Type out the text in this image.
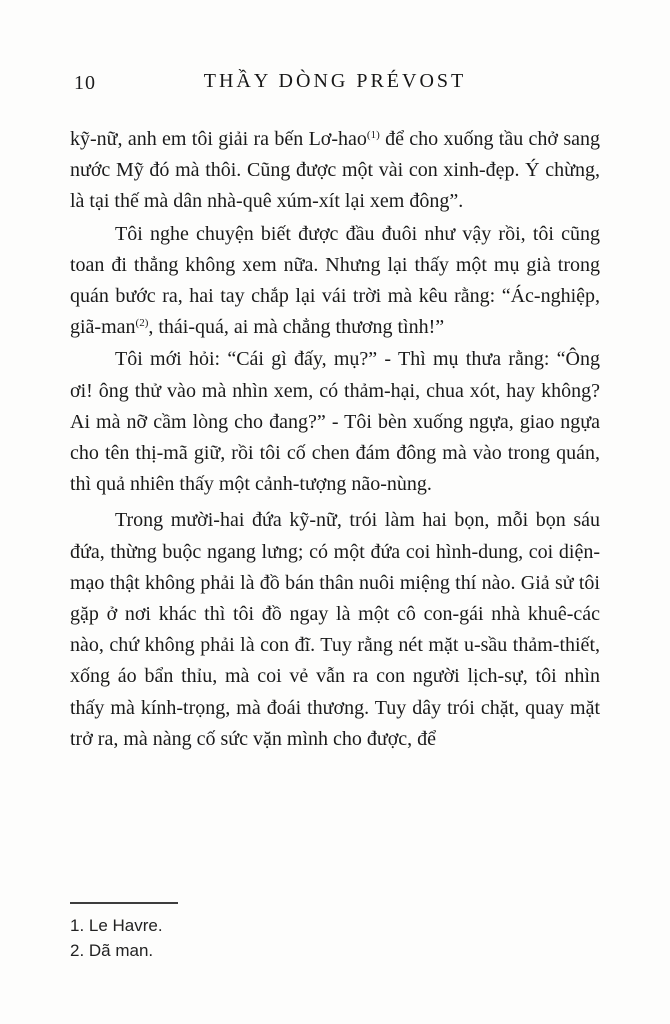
10	THẦY DÒNG PRÉVOST

kỹ-nữ, anh em tôi giải ra bến Lơ-hao$^{(1)}$ để cho xuống tầu chở sang nước Mỹ đó mà thôi. Cũng được một vài con xinh-đẹp. Ý chừng, là tại thế mà dân nhà-quê xúm-xít lại xem đông”.

Tôi nghe chuyện biết được đầu đuôi như vậy rồi, tôi cũng toan đi thẳng không xem nữa. Nhưng lại thấy một mụ già trong quán bước ra, hai tay chắp lại vái trời mà kêu rằng: “Ác-nghiệp, giã-man$^{(2)}$, thái-quá, ai mà chẳng thương tình!”

Tôi mới hỏi: “Cái gì đấy, mụ?” - Thì mụ thưa rằng: “Ông ơi! ông thử vào mà nhìn xem, có thảm-hại, chua xót, hay không? Ai mà nỡ cầm lòng cho đang?” - Tôi bèn xuống ngựa, giao ngựa cho tên thị-mã giữ, rồi tôi cố chen đám đông mà vào trong quán, thì quả nhiên thấy một cảnh-tượng não-nùng.

Trong mười-hai đứa kỹ-nữ, trói làm hai bọn, mỗi bọn sáu đứa, thừng buộc ngang lưng; có một đứa coi hình-dung, coi diện-mạo thật không phải là đồ bán thân nuôi miệng thí nào. Giả sử tôi gặp ở nơi khác thì tôi đồ ngay là một cô con-gái nhà khuê-các nào, chứ không phải là con đĩ. Tuy rằng nét mặt u-sầu thảm-thiết, xống áo bẩn thỉu, mà coi vẻ vẫn ra con người lịch-sự, tôi nhìn thấy mà kính-trọng, mà đoái thương. Tuy dây trói chặt, quay mặt trở ra, mà nàng cố sức vặn mình cho được, để

1. Le Havre.
2. Dã man.
